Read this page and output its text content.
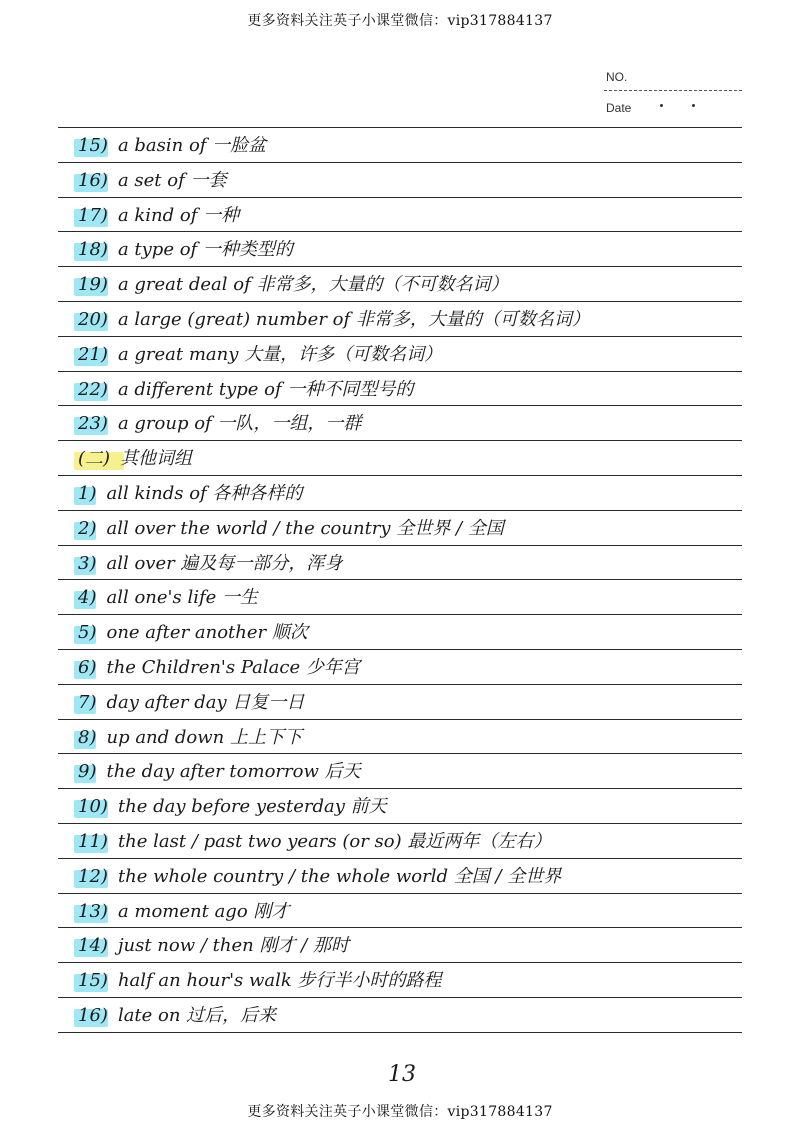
更多资料关注英子小课堂微信：vip317884137
NO.
Date
15) a basin of 一脸盆
16) a set of 一套
17) a kind of 一种
18) a type of 一种类型的
19) a great deal of 非常多，大量的（不可数名词）
20) a large (great) number of 非常多，大量的（可数名词）
21) a great many 大量，许多（可数名词）
22) a different type of 一种不同型号的
23) a group of 一队，一组，一群
(二) 其他词组
1) all kinds of 各种各样的
2) all over the world / the country 全世界 / 全国
3) all over 遍及每一部分，浑身
4) all one's life 一生
5) one after another 顺次
6) the Children's Palace 少年宫
7) day after day 日复一日
8) up and down 上上下下
9) the day after tomorrow 后天
10) the day before yesterday 前天
11) the last / past two years (or so) 最近两年（左右）
12) the whole country / the whole world 全国 / 全世界
13) a moment ago 刚才
14) just now / then 刚才 / 那时
15) half an hour's walk 步行半小时的路程
16) late on 过后，后来
13
更多资料关注英子小课堂微信：vip317884137
